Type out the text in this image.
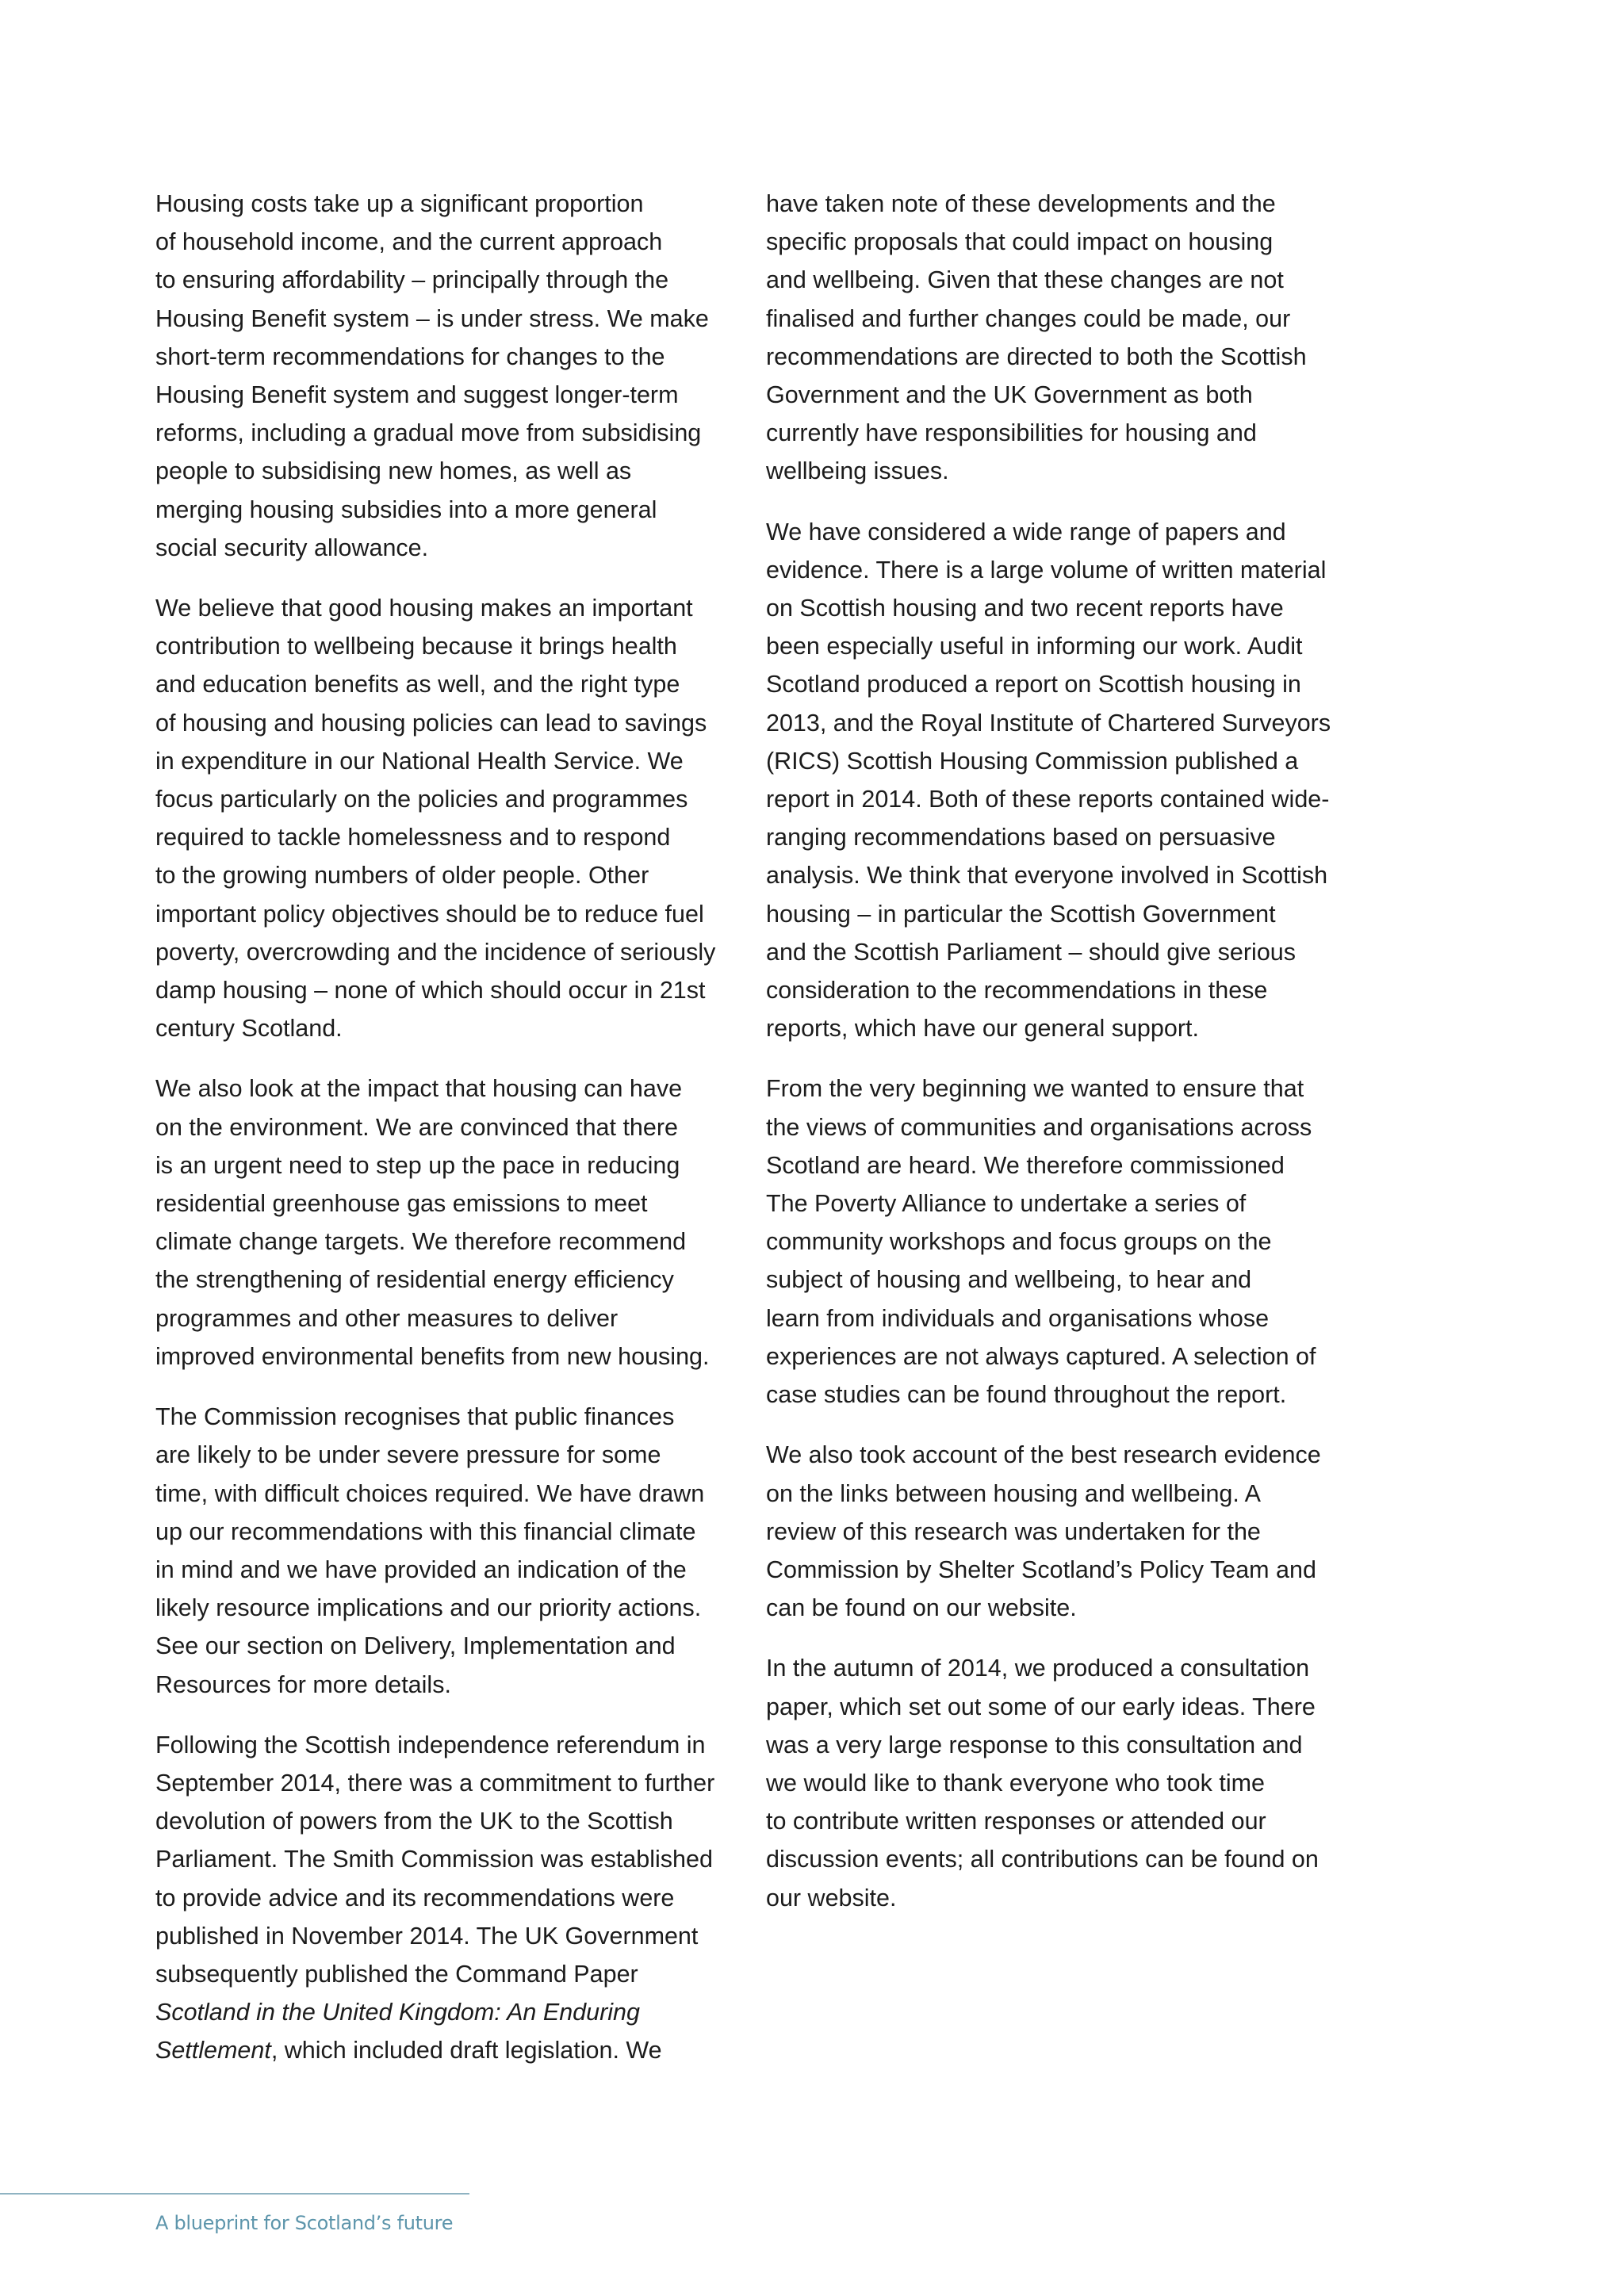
Housing costs take up a significant proportion
of household income, and the current approach
to ensuring affordability – principally through the
Housing Benefit system – is under stress. We make
short-term recommendations for changes to the
Housing Benefit system and suggest longer-term
reforms, including a gradual move from subsidising
people to subsidising new homes, as well as
merging housing subsidies into a more general
social security allowance.

We believe that good housing makes an important
contribution to wellbeing because it brings health
and education benefits as well, and the right type
of housing and housing policies can lead to savings
in expenditure in our National Health Service. We
focus particularly on the policies and programmes
required to tackle homelessness and to respond
to the growing numbers of older people. Other
important policy objectives should be to reduce fuel
poverty, overcrowding and the incidence of seriously
damp housing – none of which should occur in 21st
century Scotland.

We also look at the impact that housing can have
on the environment. We are convinced that there
is an urgent need to step up the pace in reducing
residential greenhouse gas emissions to meet
climate change targets. We therefore recommend
the strengthening of residential energy efficiency
programmes and other measures to deliver
improved environmental benefits from new housing.

The Commission recognises that public finances
are likely to be under severe pressure for some
time, with difficult choices required. We have drawn
up our recommendations with this financial climate
in mind and we have provided an indication of the
likely resource implications and our priority actions.
See our section on Delivery, Implementation and
Resources for more details.

Following the Scottish independence referendum in
September 2014, there was a commitment to further
devolution of powers from the UK to the Scottish
Parliament. The Smith Commission was established
to provide advice and its recommendations were
published in November 2014. The UK Government
subsequently published the Command Paper
Scotland in the United Kingdom: An Enduring
Settlement, which included draft legislation. We

have taken note of these developments and the
specific proposals that could impact on housing
and wellbeing. Given that these changes are not
finalised and further changes could be made, our
recommendations are directed to both the Scottish
Government and the UK Government as both
currently have responsibilities for housing and
wellbeing issues.

We have considered a wide range of papers and
evidence. There is a large volume of written material
on Scottish housing and two recent reports have
been especially useful in informing our work. Audit
Scotland produced a report on Scottish housing in
2013, and the Royal Institute of Chartered Surveyors
(RICS) Scottish Housing Commission published a
report in 2014. Both of these reports contained wide-
ranging recommendations based on persuasive
analysis. We think that everyone involved in Scottish
housing – in particular the Scottish Government
and the Scottish Parliament – should give serious
consideration to the recommendations in these
reports, which have our general support.

From the very beginning we wanted to ensure that
the views of communities and organisations across
Scotland are heard. We therefore commissioned
The Poverty Alliance to undertake a series of
community workshops and focus groups on the
subject of housing and wellbeing, to hear and
learn from individuals and organisations whose
experiences are not always captured. A selection of
case studies can be found throughout the report.

We also took account of the best research evidence
on the links between housing and wellbeing. A
review of this research was undertaken for the
Commission by Shelter Scotland’s Policy Team and
can be found on our website.

In the autumn of 2014, we produced a consultation
paper, which set out some of our early ideas. There
was a very large response to this consultation and
we would like to thank everyone who took time
to contribute written responses or attended our
discussion events; all contributions can be found on
our website.

A blueprint for Scotland’s future
